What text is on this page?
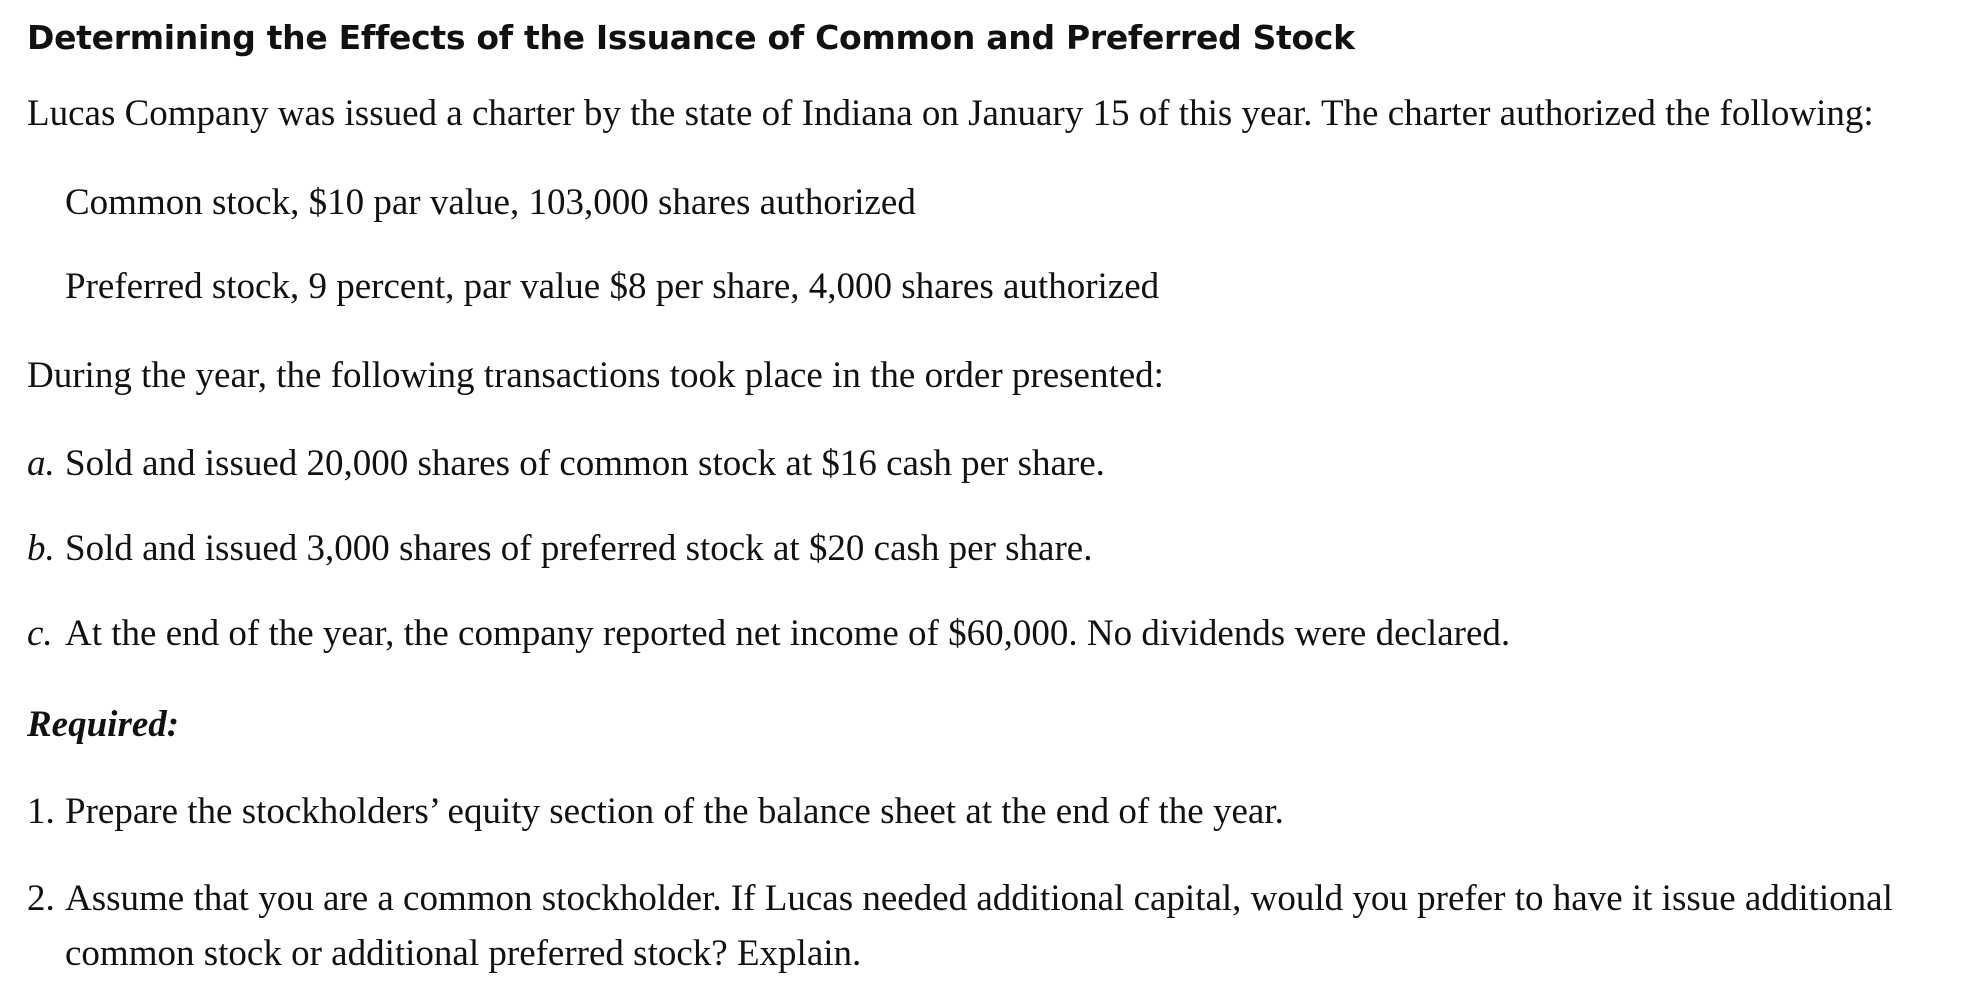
Determining the Effects of the Issuance of Common and Preferred Stock

Lucas Company was issued a charter by the state of Indiana on January 15 of this year. The charter authorized the following:

Common stock, $10 par value, 103,000 shares authorized

Preferred stock, 9 percent, par value $8 per share, 4,000 shares authorized

During the year, the following transactions took place in the order presented:

a. Sold and issued 20,000 shares of common stock at $16 cash per share.

b. Sold and issued 3,000 shares of preferred stock at $20 cash per share.

c. At the end of the year, the company reported net income of $60,000. No dividends were declared.

Required:

1. Prepare the stockholders’ equity section of the balance sheet at the end of the year.

2. Assume that you are a common stockholder. If Lucas needed additional capital, would you prefer to have it issue additional

common stock or additional preferred stock? Explain.
